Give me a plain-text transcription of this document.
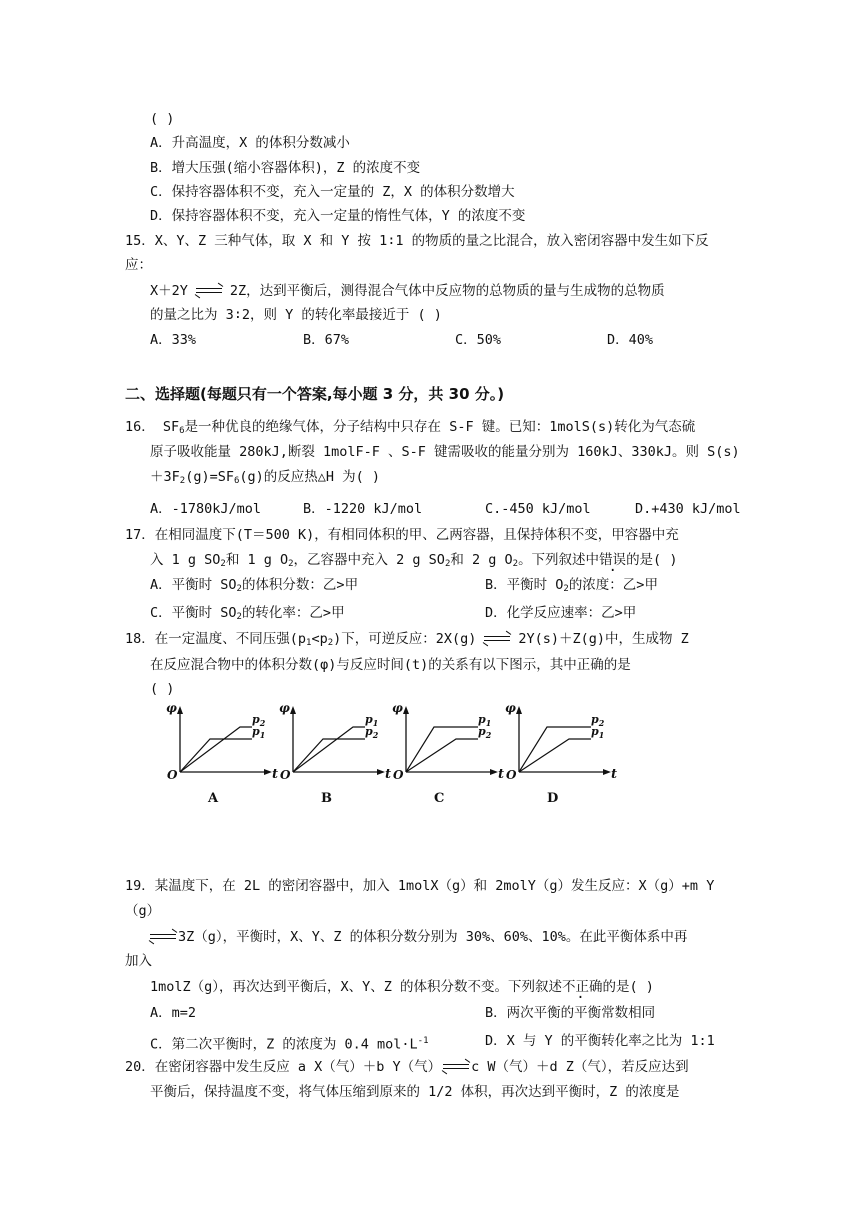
( )
A．升高温度，X 的体积分数减小
B．增大压强(缩小容器体积)，Z 的浓度不变
C．保持容器体积不变，充入一定量的 Z，X 的体积分数增大
D．保持容器体积不变，充入一定量的惰性气体，Y 的浓度不变
15．X、Y、Z 三种气体，取 X 和 Y 按 1∶1 的物质的量之比混合，放入密闭容器中发生如下反
应：
X＋2Y	2Z，达到平衡后，测得混合气体中反应物的总物质的量与生成物的总物质
的量之比为 3∶2，则 Y 的转化率最接近于 ( )
A．33%	B．67%	C．50%	D．40%
二、选择题(每题只有一个答案,每小题 3 分，共 30 分。)
16． $SF_6$是一种优良的绝缘气体，分子结构中只存在 S-F 键。已知：1molS(s)转化为气态硫
原子吸收能量 280kJ,断裂 1molF-F 、S-F 键需吸收的能量分别为 160kJ、330kJ。则 S(s)
$+3F_2(g)=SF_6(g)$的反应热△H 为( )
A．-1780kJ/mol	B．-1220 kJ/mol	C.-450 kJ/mol	D.+430 kJ/mol
17．在相同温度下(T＝500 K)，有相同体积的甲、乙两容器，且保持体积不变，甲容器中充
入 1 g $SO_2$和 1 g $O_2$，乙容器中充入 2 g $SO_2$和 2 g $O_2$。下列叙述中错误的是( )
A．平衡时 $SO_2$的体积分数：乙>甲	B．平衡时 $O_2$的浓度：乙>甲
C．平衡时 $SO_2$的转化率：乙>甲	D．化学反应速率：乙>甲
18．在一定温度、不同压强$(p_1<p_2)$下，可逆反应：2X(g)	2Y(s)＋Z(g)中，生成物 Z
在反应混合物中的体积分数(φ)与反应时间(t)的关系有以下图示，其中正确的是
( )
φ
t
O
$p_2$
$p_1$
A
φ
t
O
$p_1$
$p_2$
B
φ
t
O
$p_1$
$p_2$
C
φ
t
O
$p_2$
$p_1$
D
19．某温度下，在 2L 的密闭容器中，加入 1molX（g）和 2molY（g）发生反应：X（g）+m Y
（g）
3Z（g），平衡时，X、Y、Z 的体积分数分别为 30%、60%、10%。在此平衡体系中再
加入
1molZ（g），再次达到平衡后，X、Y、Z 的体积分数不变。下列叙述不正确的是( )
A．m=2	B．两次平衡的平衡常数相同
C．第二次平衡时，Z 的浓度为 0.4 $mol\cdot L^{-1}$	D．X 与 Y 的平衡转化率之比为 1:1
20．在密闭容器中发生反应 a X（气）＋b Y（气） c W（气）＋d Z（气），若反应达到
平衡后，保持温度不变，将气体压缩到原来的 1/2 体积，再次达到平衡时，Z 的浓度是
